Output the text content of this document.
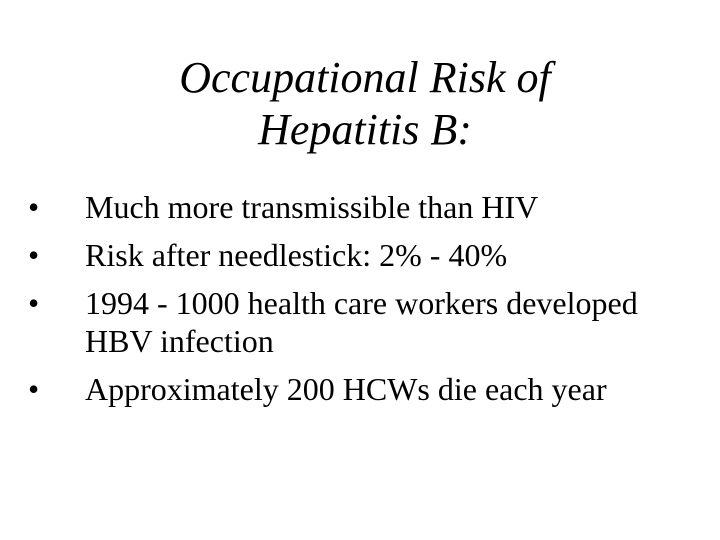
Occupational Risk of
Hepatitis B:
•	Much more transmissible than HIV
•	Risk after needlestick: 2% - 40%
•	1994 - 1000 health care workers developed HBV infection
•	Approximately 200 HCWs die each year
